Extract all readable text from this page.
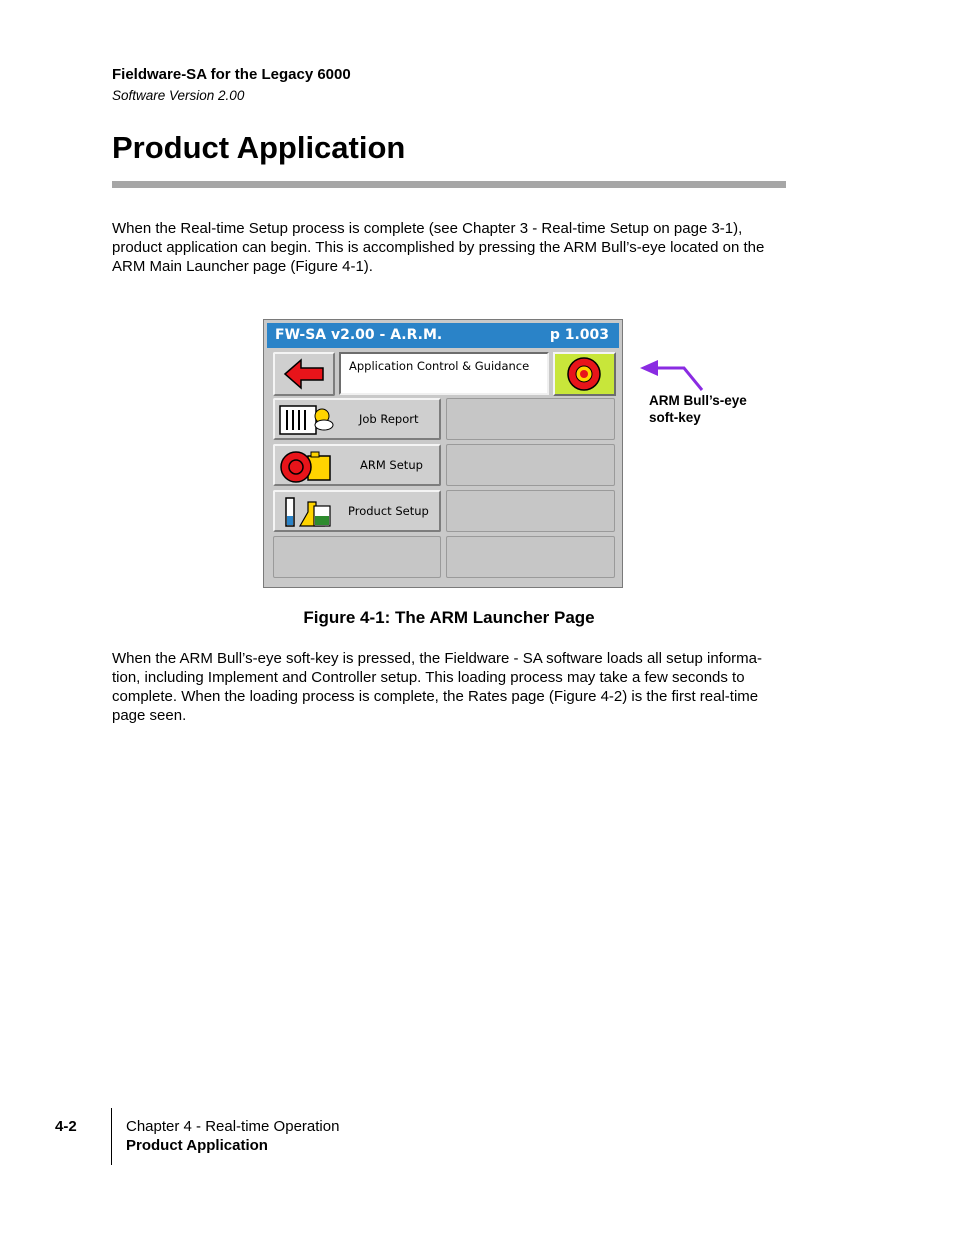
Fieldware-SA for the Legacy 6000
Software Version 2.00
Product Application

When the Real-time Setup process is complete (see Chapter 3 - Real-time Setup on page 3-1),
product application can begin. This is accomplished by pressing the ARM Bull’s-eye located on the
ARM Main Launcher page (Figure 4-1).

FW-SA v2.00 - A.R.M.	p 1.003
Application Control & Guidance
Job Report
ARM Setup
Product Setup
ARM Bull’s-eye
soft-key
Figure 4-1: The ARM Launcher Page

When the ARM Bull’s-eye soft-key is pressed, the Fieldware - SA software loads all setup informa-
tion, including Implement and Controller setup. This loading process may take a few seconds to
complete. When the loading process is complete, the Rates page (Figure 4-2) is the first real-time
page seen.

4-2	Chapter 4 - Real-time Operation
Product Application
